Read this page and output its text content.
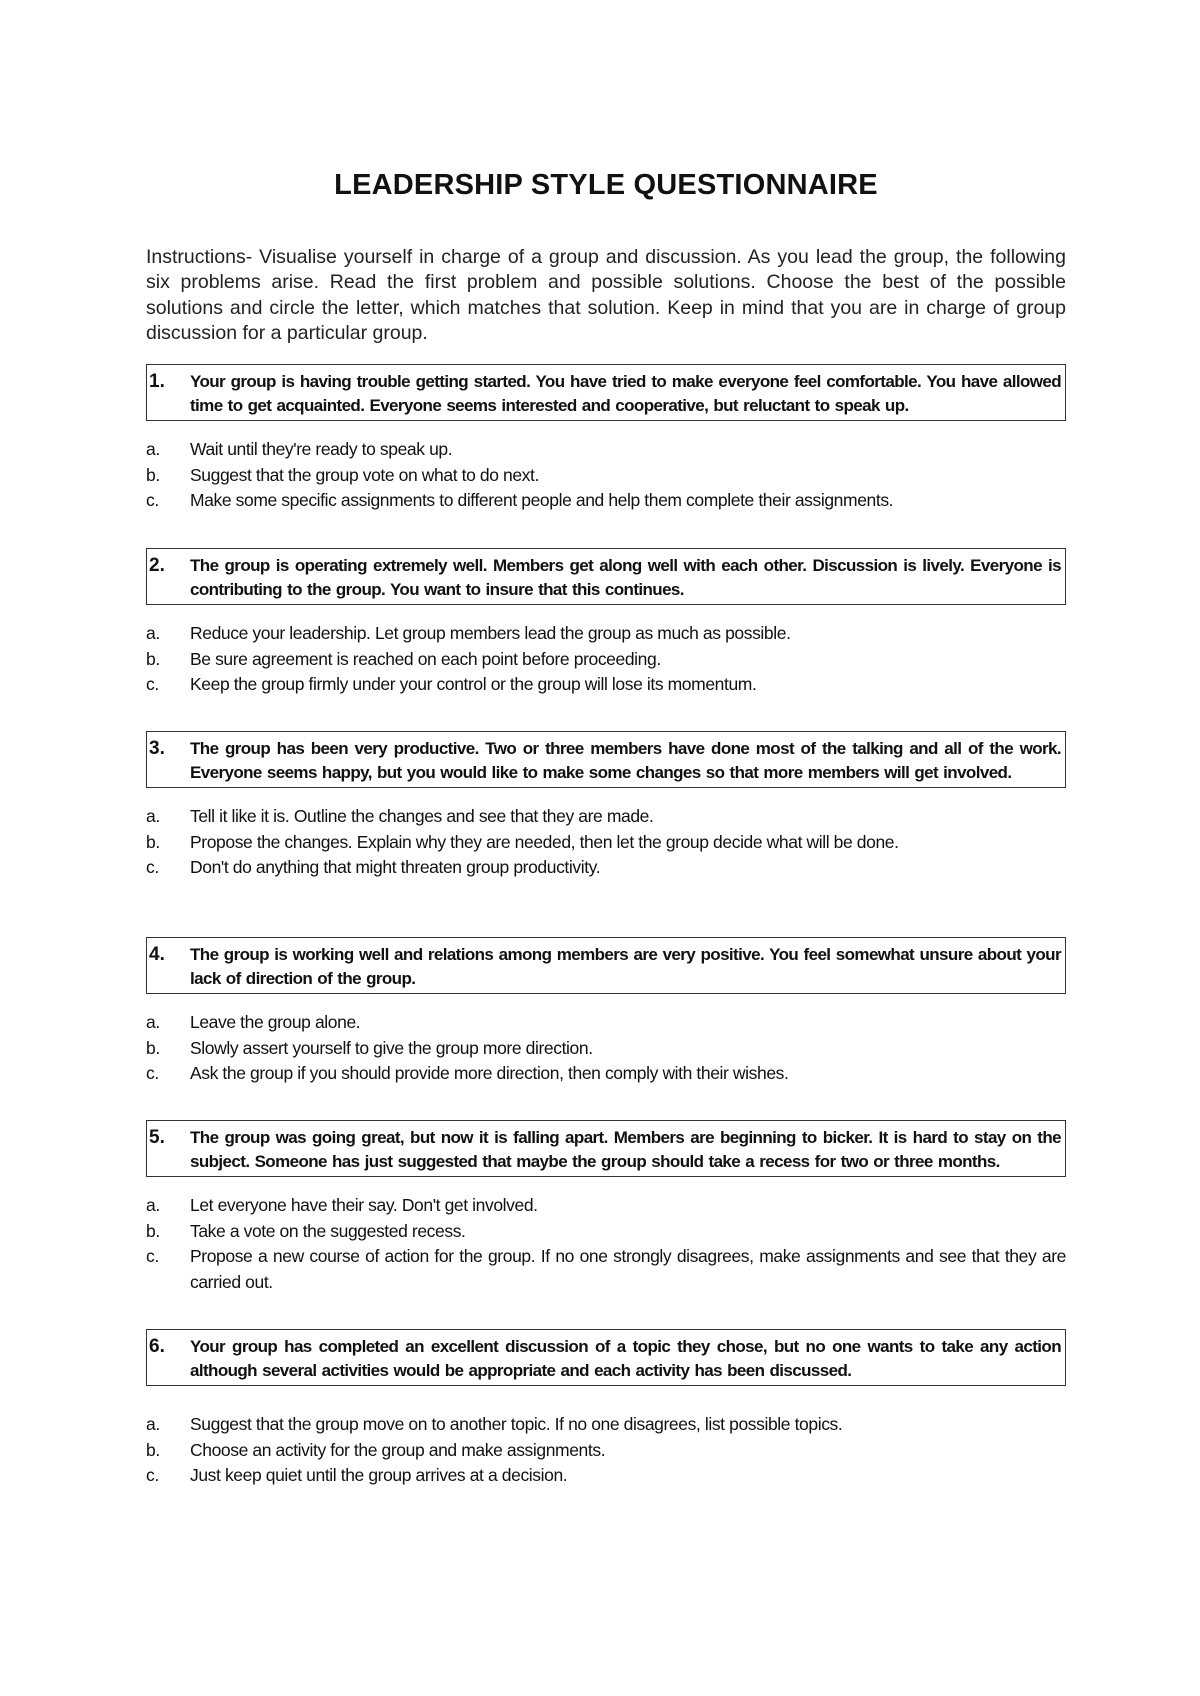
LEADERSHIP STYLE QUESTIONNAIRE

Instructions- Visualise yourself in charge of a group and discussion. As you lead the group, the following six problems arise. Read the first problem and possible solutions. Choose the best of the possible solutions and circle the letter, which matches that solution. Keep in mind that you are in charge of group discussion for a particular group.

1. Your group is having trouble getting started. You have tried to make everyone feel comfortable. You have allowed time to get acquainted. Everyone seems interested and cooperative, but reluctant to speak up.
a.	Wait until they're ready to speak up.
b.	Suggest that the group vote on what to do next.
c.	Make some specific assignments to different people and help them complete their assignments.
2. The group is operating extremely well. Members get along well with each other. Discussion is lively. Everyone is contributing to the group. You want to insure that this continues.
a.	Reduce your leadership. Let group members lead the group as much as possible.
b.	Be sure agreement is reached on each point before proceeding.
c.	Keep the group firmly under your control or the group will lose its momentum.
3. The group has been very productive. Two or three members have done most of the talking and all of the work. Everyone seems happy, but you would like to make some changes so that more members will get involved.
a.	Tell it like it is. Outline the changes and see that they are made.
b.	Propose the changes. Explain why they are needed, then let the group decide what will be done.
c.	Don't do anything that might threaten group productivity.
4. The group is working well and relations among members are very positive. You feel somewhat unsure about your lack of direction of the group.
a.	Leave the group alone.
b.	Slowly assert yourself to give the group more direction.
c.	Ask the group if you should provide more direction, then comply with their wishes.
5. The group was going great, but now it is falling apart. Members are beginning to bicker. It is hard to stay on the subject. Someone has just suggested that maybe the group should take a recess for two or three months.
a.	Let everyone have their say. Don't get involved.
b.	Take a vote on the suggested recess.
c.	Propose a new course of action for the group. If no one strongly disagrees, make assignments and see that they are carried out.
6. Your group has completed an excellent discussion of a topic they chose, but no one wants to take any action although several activities would be appropriate and each activity has been discussed.
a.	Suggest that the group move on to another topic. If no one disagrees, list possible topics.
b.	Choose an activity for the group and make assignments.
c.	Just keep quiet until the group arrives at a decision.
